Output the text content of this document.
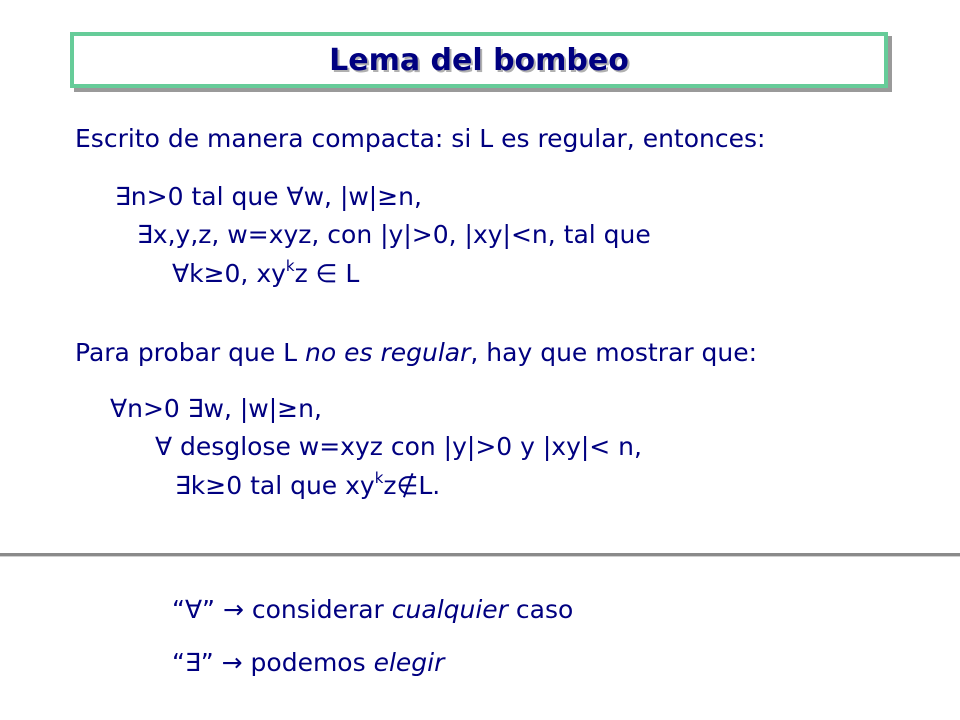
Lema del bombeo
Escrito de manera compacta: si L es regular, entonces:
∃n>0 tal que ∀w, |w|≥n,
∃x,y,z, w=xyz, con |y|>0, |xy|<n, tal que
∀k≥0, $xy^kz$ ∈ L
Para probar que L no es regular, hay que mostrar que:
∀n>0 ∃w, |w|≥n,
∀ desglose w=xyz con |y|>0 y |xy|< n,
∃k≥0 tal que $xy^kz\notin L$.
“∀” → considerar cualquier caso
“∃” → podemos elegir
